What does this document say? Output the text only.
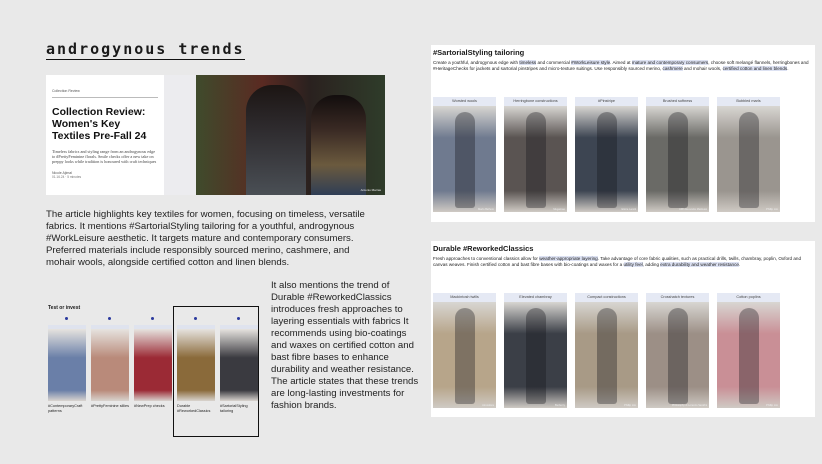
androgynous trends
Collection Review
Collection Review: Women's Key Textiles Pre-Fall 24
Timeless fabrics and styling range from an androgynous edge to #PrettyFeminine florals. Smile checks offer a new take on preppy looks while tradition is honoured with craft techniques
Nicole Ajimal
01.16.24 · 5 minutes
Antonio Marras
The article highlights key textiles for women, focusing on timeless, versatile fabrics. It mentions #SartorialStyling tailoring for a youthful, androgynous #WorkLeisure aesthetic. It targets mature and contemporary consumers. Preferred materials include responsibly sourced merino, cashmere, and mohair wools, alongside certified cotton and linen blends.
It also mentions the trend of Durable #ReworkedClassics introduces fresh approaches to layering essentials with fabrics It recommends using bio-coatings and waxes on certified cotton and bast fibre bases to enhance durability and weather resistance. The article states that these trends are long-lasting investments for fashion brands.
Test or invest
#ContemporaryCraft patterns
#PrettyFeminine sillies #NewPrep checks	Durable #ReworkedClassics
#SartorialStyling tailoring
#SartorialStyling tailoring
Create a youthful, androgynous edge with timeless and commercial #WorkLeisure style. Aimed at mature and contemporary consumers, choose soft melangé flannels, herringbones and #HeritageChecks for jackets and sartorial pinstripes and micro-texture suitings. Use responsibly sourced merino, cashmere and mohair wools, certified cotton and linen blends.
Worsted wools
Marlo Belhom
Herringbone constructions
Mugarnee
#Pinstripe
Ettore Lamiti
Brushed softness
AMI Alexandre Mattiussi
Bubbled marls
Phillip Lim
Durable #ReworkedClassics
Fresh approaches to conventional classics allow for weather-appropriate layering. Take advantage of core fabric qualities, such as practical drills, twills, chambray, poplin, Oxford and canvas weaves. Finish certified cotton and bast fibre bases with bio-coatings and waxes for a utility feel, adding extra durability and weather resistance.
Mackintosh twills
Atmosfera
Elevated chambray
Burberry
Compact constructions
Phillip Lim
Crosshatch textures
Philosophy di Lorenzo Serafini
Cotton poplins
Phillip Lim
